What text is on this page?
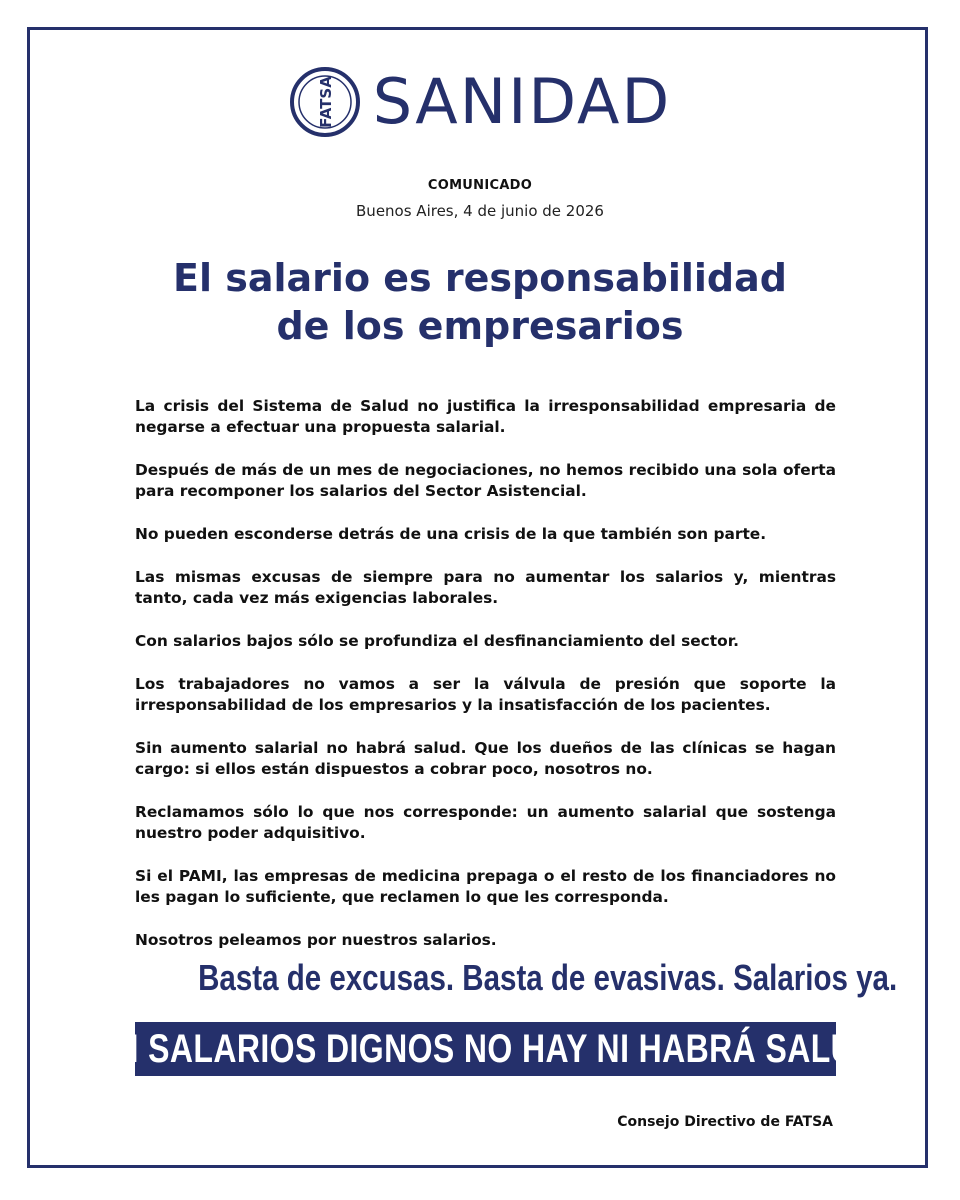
FATSA SANIDAD
COMUNICADO
Buenos Aires, 4 de junio de 2026
El salario es responsabilidad
de los empresarios

La crisis del Sistema de Salud no justifica la irresponsabilidad empresaria de negarse a efectuar una propuesta salarial.

Después de más de un mes de negociaciones, no hemos recibido una sola oferta para recomponer los salarios del Sector Asistencial.

No pueden esconderse detrás de una crisis de la que también son parte.

Las mismas excusas de siempre para no aumentar los salarios y, mientras tanto, cada vez más exigencias laborales.

Con salarios bajos sólo se profundiza el desfinanciamiento del sector.

Los trabajadores no vamos a ser la válvula de presión que soporte la irresponsabilidad de los empresarios y la insatisfacción de los pacientes.

Sin aumento salarial no habrá salud. Que los dueños de las clínicas se hagan cargo: si ellos están dispuestos a cobrar poco, nosotros no.

Reclamamos sólo lo que nos corresponde: un aumento salarial que sostenga nuestro poder adquisitivo.

Si el PAMI, las empresas de medicina prepaga o el resto de los financiadores no les pagan lo suficiente, que reclamen lo que les corresponda.

Nosotros peleamos por nuestros salarios.

Basta de excusas. Basta de evasivas. Salarios ya.
SIN SALARIOS DIGNOS NO HAY NI HABRÁ SALUD.
Consejo Directivo de FATSA
